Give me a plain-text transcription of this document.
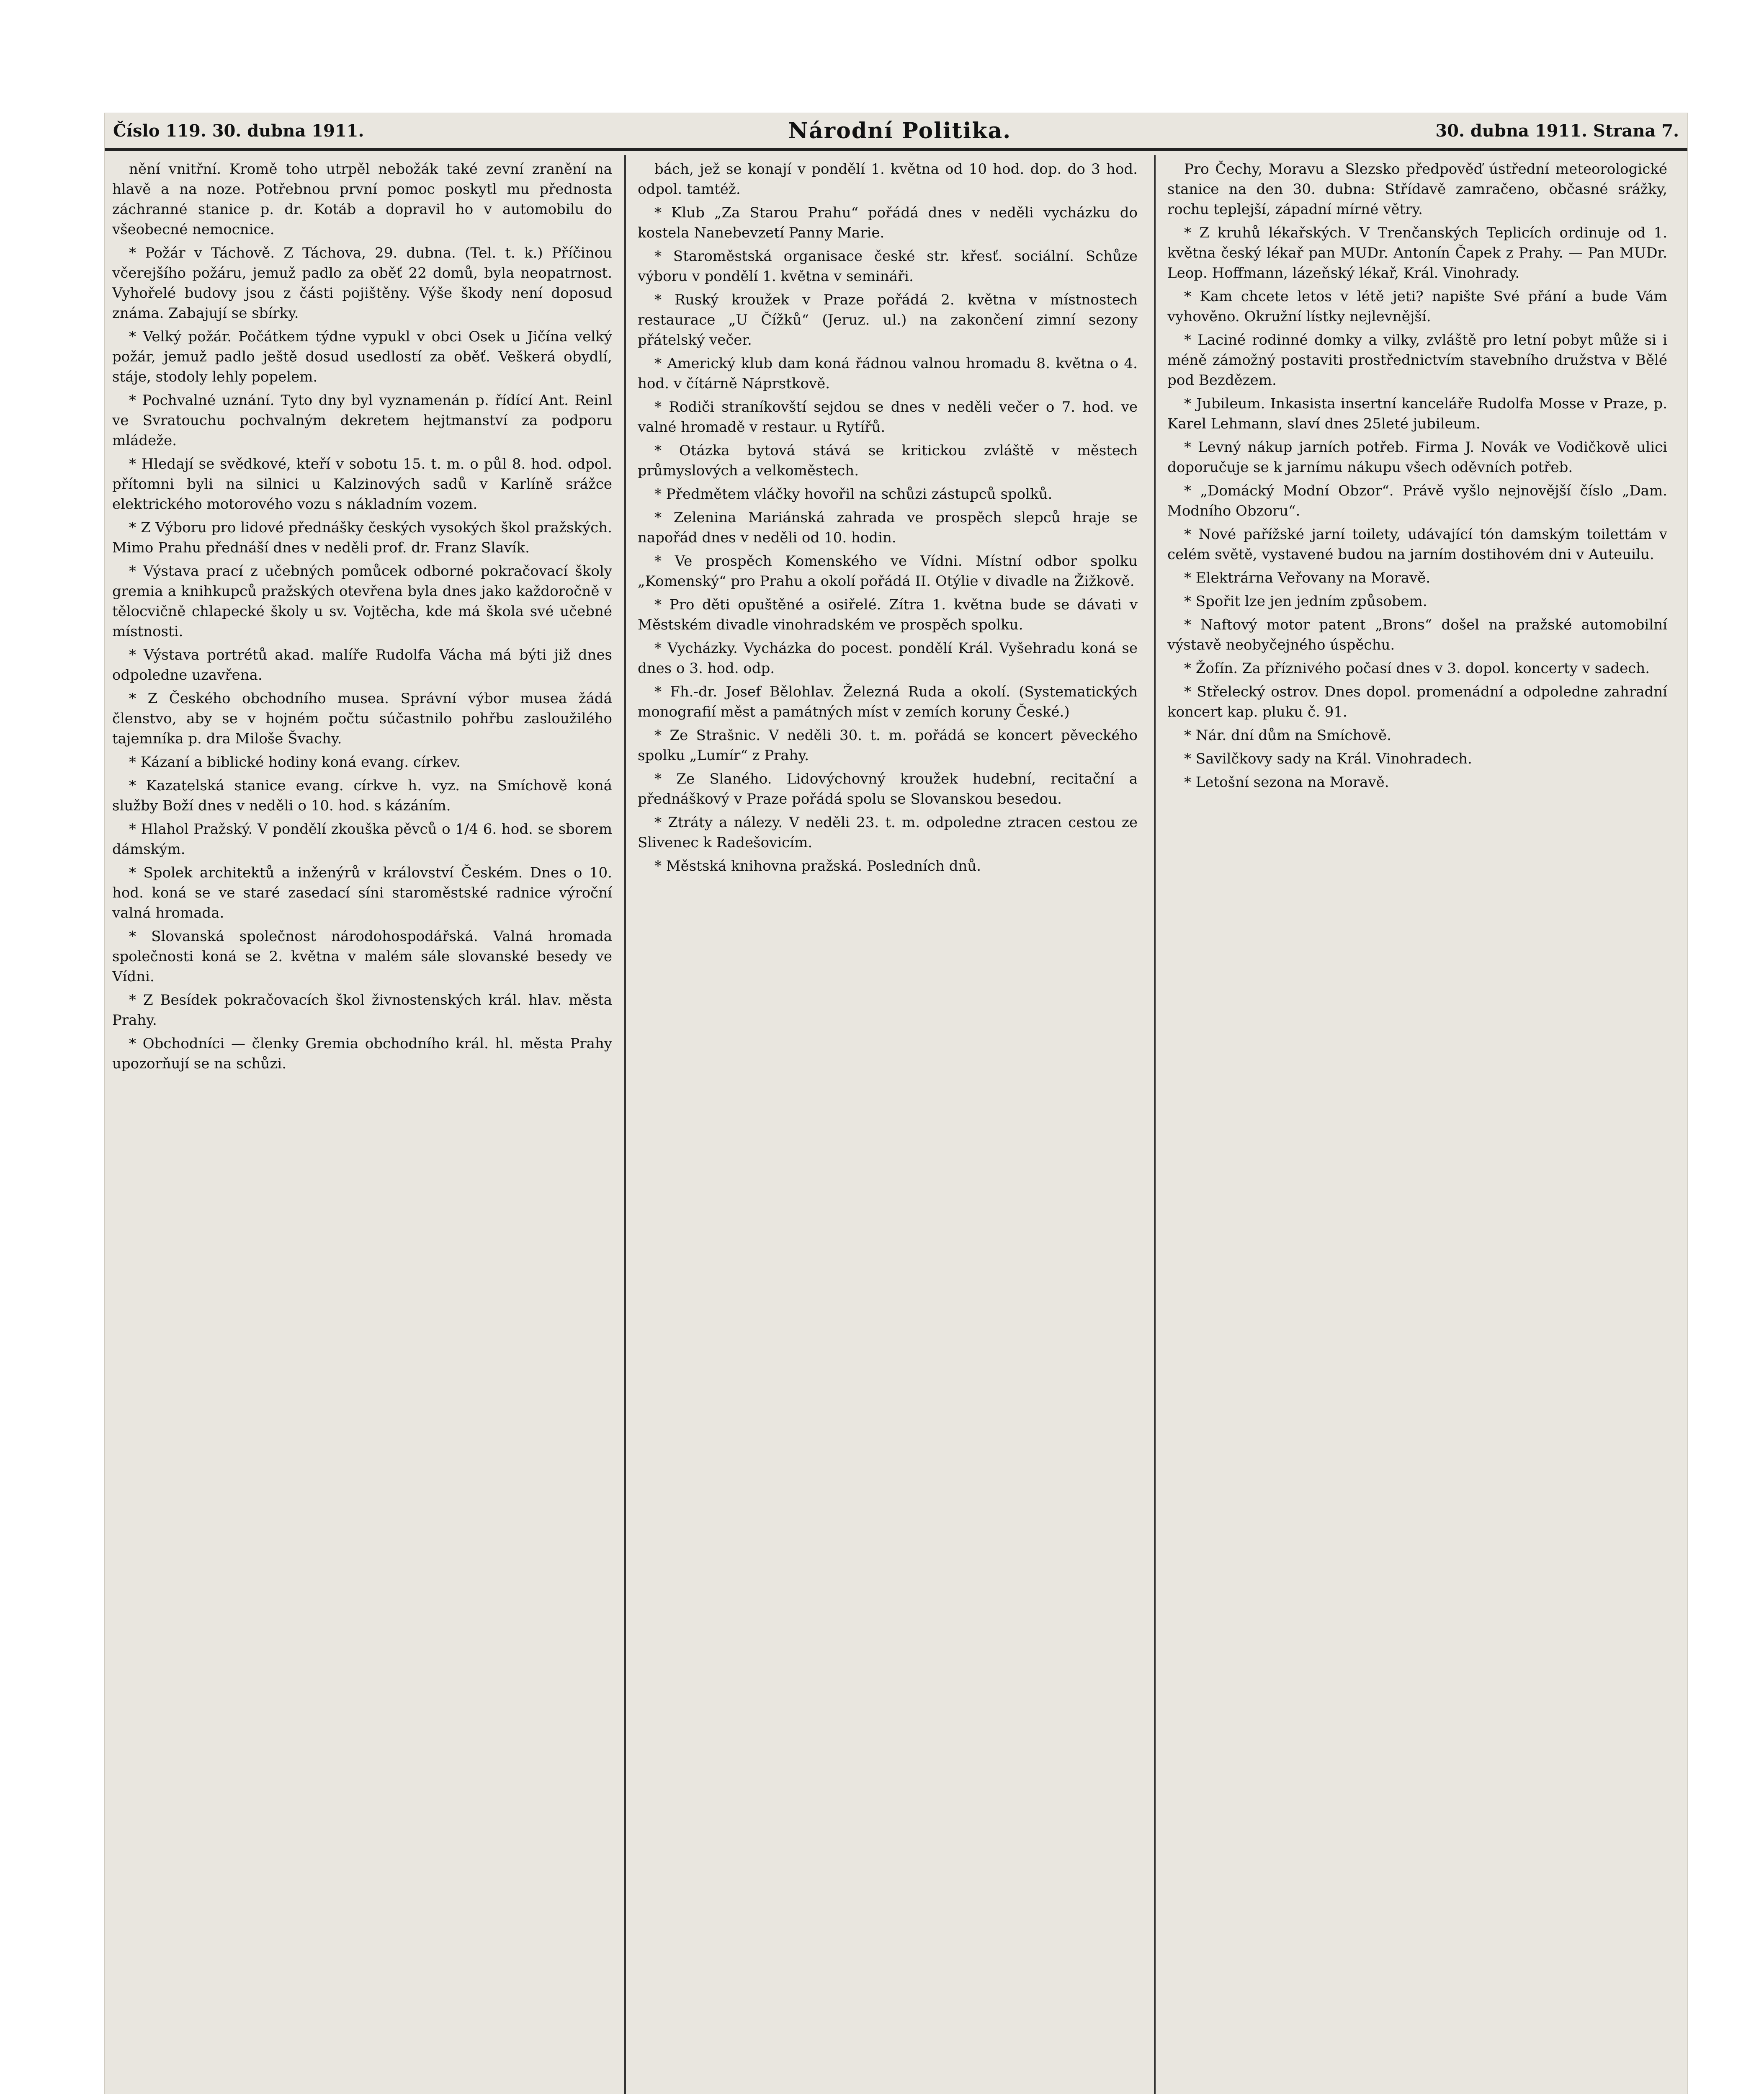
Číslo 119. 30. dubna 1911.	Národní Politika.	30. dubna 1911. Strana 7.

nění vnitřní. Kromě toho utrpěl nebožák také zevní zranění na hlavě a na noze. Potřebnou první pomoc poskytl mu přednosta záchranné stanice p. dr. Kotáb a dopravil ho v automobilu do všeobecné nemocnice.

* Požár v Táchově. Z Táchova, 29. dubna. (Tel. t. k.) Příčinou včerejšího požáru, jemuž padlo za oběť 22 domů, byla neopatrnost. Vyhořelé budovy jsou z části pojištěny. Výše škody není doposud známa. Zabajují se sbírky.

* Velký požár. Počátkem týdne vypukl v obci Osek u Jičína velký požár, jemuž padlo ještě dosud usedlostí za oběť. Veškerá obydlí, stáje, stodoly lehly popelem.

* Pochvalné uznání. Tyto dny byl vyznamenán p. řídící Ant. Reinl ve Svratouchu pochvalným dekretem hejtmanství za podporu mládeže.

* Hledají se svědkové, kteří v sobotu 15. t. m. o půl 8. hod. odpol. přítomni byli na silnici u Kalzinových sadů v Karlíně srážce elektrického motorového vozu s nákladním vozem.

* Z Výboru pro lidové přednášky českých vysokých škol pražských. Mimo Prahu přednáší dnes v neděli prof. dr. Franz Slavík.

* Výstava prací z učebných pomůcek odborné pokračovací školy gremia a knihkupců pražských otevřena byla dnes jako každoročně v tělocvičně chlapecké školy u sv. Vojtěcha, kde má škola své učebné místnosti.

* Výstava portrétů akad. malíře Rudolfa Vácha má býti již dnes odpoledne uzavřena.

* Z Českého obchodního musea. Správní výbor musea žádá členstvo, aby se v hojném počtu súčastnilo pohřbu zasloužilého tajemníka p. dra Miloše Švachy.

* Kázaní a biblické hodiny koná evang. církev.

* Kazatelská stanice evang. církve h. vyz. na Smíchově koná služby Boží dnes v neděli o 10. hod. s kázáním.

* Hlahol Pražský. V pondělí zkouška pěvců o 1/4 6. hod. se sborem dámským.

* Spolek architektů a inženýrů v království Českém. Dnes o 10. hod. koná se ve staré zasedací síni staroměstské radnice výroční valná hromada.

* Slovanská společnost národohospodářská. Valná hromada společnosti koná se 2. května v malém sále slovanské besedy ve Vídni.

* Z Besídek pokračovacích škol živnostenských král. hlav. města Prahy.

* Obchodníci — členky Gremia obchodního král. hl. města Prahy upozorňují se na schůzi.

bách, jež se konají v pondělí 1. května od 10 hod. dop. do 3 hod. odpol. tamtéž.

* Klub „Za Starou Prahu“ pořádá dnes v neděli vycházku do kostela Nanebevzetí Panny Marie.

* Staroměstská organisace české str. křesť. sociální. Schůze výboru v pondělí 1. května v semináři.

* Ruský kroužek v Praze pořádá 2. května v místnostech restaurace „U Čížků“ (Jeruz. ul.) na zakončení zimní sezony přátelský večer.

* Americký klub dam koná řádnou valnou hromadu 8. května o 4. hod. v čítárně Náprstkově.

* Rodiči straníkovští sejdou se dnes v neděli večer o 7. hod. ve valné hromadě v restaur. u Rytířů.

* Otázka bytová stává se kritickou zvláště v městech průmyslových a velkoměstech.

* Předmětem vláčky hovořil na schůzi zástupců spolků.

* Zelenina Mariánská zahrada ve prospěch slepců hraje se napořád dnes v neděli od 10. hodin.

* Ve prospěch Komenského ve Vídni. Místní odbor spolku „Komenský“ pro Prahu a okolí pořádá II. Otýlie v divadle na Žižkově.

* Pro děti opuštěné a osiřelé. Zítra 1. května bude se dávati v Městském divadle vinohradském ve prospěch spolku.

* Vycházky. Vycházka do pocest. pondělí Král. Vyšehradu koná se dnes o 3. hod. odp.

* Fh.-dr. Josef Bělohlav. Železná Ruda a okolí. (Systematických monografií měst a památných míst v zemích koruny České.)

* Ze Strašnic. V neděli 30. t. m. pořádá se koncert pěveckého spolku „Lumír“ z Prahy.

* Ze Slaného. Lidovýchovný kroužek hudební, recitační a přednáškový v Praze pořádá spolu se Slovanskou besedou.

* Ztráty a nálezy. V neděli 23. t. m. odpoledne ztracen cestou ze Slivenec k Radešovicím.

* Městská knihovna pražská. Posledních dnů.

Pro Čechy, Moravu a Slezsko předpověď ústřední meteorologické stanice na den 30. dubna: Střídavě zamračeno, občasné srážky, rochu teplejší, západní mírné větry.

* Z kruhů lékařských. V Trenčanských Teplicích ordinuje od 1. května český lékař pan MUDr. Antonín Čapek z Prahy. — Pan MUDr. Leop. Hoffmann, lázeňský lékař, Král. Vinohrady.

* Kam chcete letos v létě jeti? napište Své přání a bude Vám vyhověno. Okružní lístky nejlevnější.

* Laciné rodinné domky a vilky, zvláště pro letní pobyt může si i méně zámožný postaviti prostřednictvím stavebního družstva v Bělé pod Bezdězem.

* Jubileum. Inkasista insertní kanceláře Rudolfa Mosse v Praze, p. Karel Lehmann, slaví dnes 25leté jubileum.

* Levný nákup jarních potřeb. Firma J. Novák ve Vodičkově ulici doporučuje se k jarnímu nákupu všech oděvních potřeb.

* „Domácký Modní Obzor“. Právě vyšlo nejnovější číslo „Dam. Modního Obzoru“.

* Nové pařížské jarní toilety, udávající tón damským toilettám v celém světě, vystavené budou na jarním dostihovém dni v Auteuilu.

* Elektrárna Veřovany na Moravě.

* Spořit lze jen jedním způsobem.

* Naftový motor patent „Brons“ došel na pražské automobilní výstavě neobyčejného úspěchu.

* Žofín. Za příznivého počasí dnes v 3. dopol. koncerty v sadech.

* Střelecký ostrov. Dnes dopol. promenádní a odpoledne zahradní koncert kap. pluku č. 91.

* Nár. dní dům na Smíchově.

* Savilčkovy sady na Král. Vinohradech.

* Letošní sezona na Moravě.
